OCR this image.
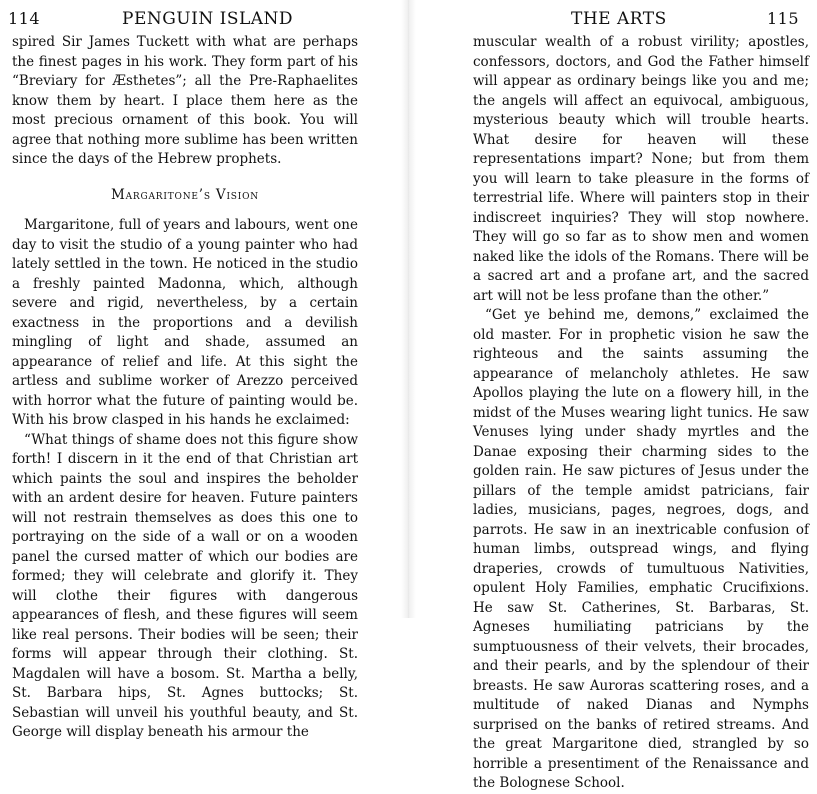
114	PENGUIN ISLAND

spired Sir James Tuckett with what are perhaps the finest pages in his work. They form part of his “Breviary for Æsthetes”; all the Pre-Raphaelites know them by heart. I place them here as the most precious ornament of this book. You will agree that nothing more sublime has been written since the days of the Hebrew prophets.

Margaritone’s Vision

Margaritone, full of years and labours, went one day to visit the studio of a young painter who had lately settled in the town. He noticed in the studio a freshly painted Madonna, which, although severe and rigid, nevertheless, by a certain exactness in the proportions and a devilish mingling of light and shade, assumed an appearance of relief and life. At this sight the artless and sublime worker of Arezzo perceived with horror what the future of painting would be. With his brow clasped in his hands he exclaimed:

“What things of shame does not this figure show forth! I discern in it the end of that Christian art which paints the soul and inspires the beholder with an ardent desire for heaven. Future painters will not restrain themselves as does this one to portraying on the side of a wall or on a wooden panel the cursed matter of which our bodies are formed; they will celebrate and glorify it. They will clothe their figures with dangerous appearances of flesh, and these figures will seem like real persons. Their bodies will be seen; their forms will appear through their clothing. St. Magdalen will have a bosom. St. Martha a belly, St. Barbara hips, St. Agnes buttocks; St. Sebastian will unveil his youthful beauty, and St. George will display beneath his armour the

THE ARTS	115

muscular wealth of a robust virility; apostles, confessors, doctors, and God the Father himself will appear as ordinary beings like you and me; the angels will affect an equivocal, ambiguous, mysterious beauty which will trouble hearts. What desire for heaven will these representations impart? None; but from them you will learn to take pleasure in the forms of terrestrial life. Where will painters stop in their indiscreet inquiries? They will stop nowhere. They will go so far as to show men and women naked like the idols of the Romans. There will be a sacred art and a profane art, and the sacred art will not be less profane than the other.”

“Get ye behind me, demons,” exclaimed the old master. For in prophetic vision he saw the righteous and the saints assuming the appearance of melancholy athletes. He saw Apollos playing the lute on a flowery hill, in the midst of the Muses wearing light tunics. He saw Venuses lying under shady myrtles and the Danae exposing their charming sides to the golden rain. He saw pictures of Jesus under the pillars of the temple amidst patricians, fair ladies, musicians, pages, negroes, dogs, and parrots. He saw in an inextricable confusion of human limbs, outspread wings, and flying draperies, crowds of tumultuous Nativities, opulent Holy Families, emphatic Crucifixions. He saw St. Catherines, St. Barbaras, St. Agneses humiliating patricians by the sumptuousness of their velvets, their brocades, and their pearls, and by the splendour of their breasts. He saw Auroras scattering roses, and a multitude of naked Dianas and Nymphs surprised on the banks of retired streams. And the great Margaritone died, strangled by so horrible a presentiment of the Renaissance and the Bolognese School.
